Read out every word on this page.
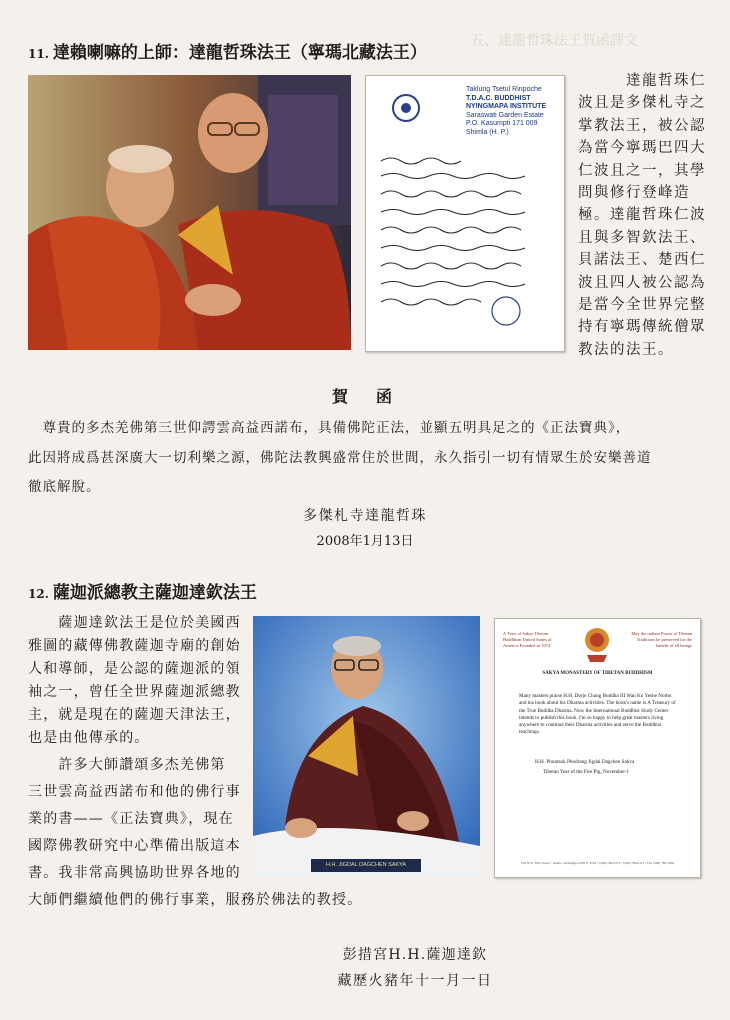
五、達龍哲珠法王賀函譯文
11. 達賴喇嘛的上師：達龍哲珠法王（寧瑪北藏法王）
Taklung Tsetul Rinpoche
T.D.A.C. BUDDHIST
NYINGMAPA INSTITUTE
Saraswati Garden Estate
P.O. Kasumpti 171 009
Shimla (H. P.)
　　　達龍哲珠仁
波且是多傑札寺之
掌教法王，被公認
為當今寧瑪巴四大
仁波且之一，其學
問與修行登峰造
極。達龍哲珠仁波
且與多智欽法王、
貝諾法王、楚西仁
波且四人被公認為
是當今全世界完整
持有寧瑪傳統僧眾
教法的法王。
賀　函
　尊貴的多杰羌佛第三世仰諤雲高益西諾布，具備佛陀正法，並顯五明具足之的《正法寶典》，
此因將成爲甚深廣大一切利樂之源，佛陀法教興盛常住於世間，永久指引一切有情眾生於安樂善道
徹底解脫。
多傑札寺達龍哲珠
2008年1月13日
12. 薩迦派總教主薩迦達欽法王
　　薩迦達欽法王是位於美國西
雅圖的藏傳佛教薩迦寺廟的創始
人和導師，是公認的薩迦派的領
袖之一，曾任全世界薩迦派總教
主，就是現在的薩迦天津法王，
也是由他傳承的。
　　許多大師讚頌多杰羌佛第
三世雲高益西諾布和他的佛行事
業的書——《正法寶典》，現在
國際佛教研究中心準備出版這本
書。我非常高興協助世界各地的
大師們繼續他們的佛行事業，服務於佛法的教授。
H.H. JIGDAL DAGCHEN SAKYA
A Tract of Sakya Tibetan Buddhism United States of America Founded in 1974
May the radiant Power of Tibetan Traditions be preserved for the benefit of all beings
SAKYA MONASTERY OF TIBETAN BUDDHISM
Many masters praise H.H. Dorje Chang Buddha III Wan Ko Yeshe Norbu and his book about his Dharma activities. The book's name is A Treasury of the True Buddha Dharma. Now the International Buddhist Study Center intends to publish this book. I'm so happy to help great masters living anywhere to continue their Dharma activities and serve the Buddhist teachings.
H.H. Phuntsok Phodrang Jigdal Dagchen Sakya
Tibetan Year of the Fire Pig, November-1
108 N.W. 83rd Street • Seattle, Washington 98117 USA • (206) 789-2573 • (206) 789-6111 • Fax (206) 789-3994
彭措宮H.H.薩迦達欽
藏歷火豬年十一月一日
